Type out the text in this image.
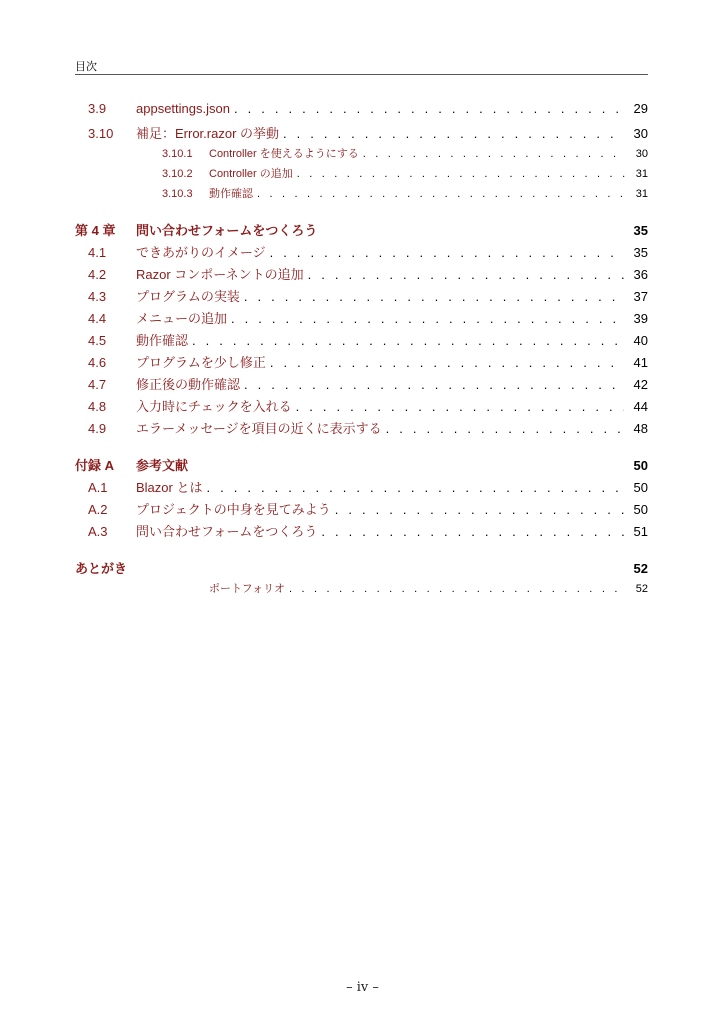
目次
3.9	appsettings.json . . .	29
3.10	補足：Error.razor の挙動 . . .	30
3.10.1	Controller を使えるようにする . . .	30
3.10.2	Controller の追加 . . .	31
3.10.3	動作確認 . . .	31
第 4 章	問い合わせフォームをつくろう	35
4.1	できあがりのイメージ . . .	35
4.2	Razor コンポーネントの追加 . . .	36
4.3	プログラムの実装 . . .	37
4.4	メニューの追加 . . .	39
4.5	動作確認 . . .	40
4.6	プログラムを少し修正 . . .	41
4.7	修正後の動作確認 . . .	42
4.8	入力時にチェックを入れる . . .	44
4.9	エラーメッセージを項目の近くに表示する . . .	48
付録 A	参考文献	50
A.1	Blazor とは . . .	50
A.2	プロジェクトの中身を見てみよう . . .	50
A.3	問い合わせフォームをつくろう . . .	51
あとがき	52
ポートフォリオ . . .	52
– iv –
